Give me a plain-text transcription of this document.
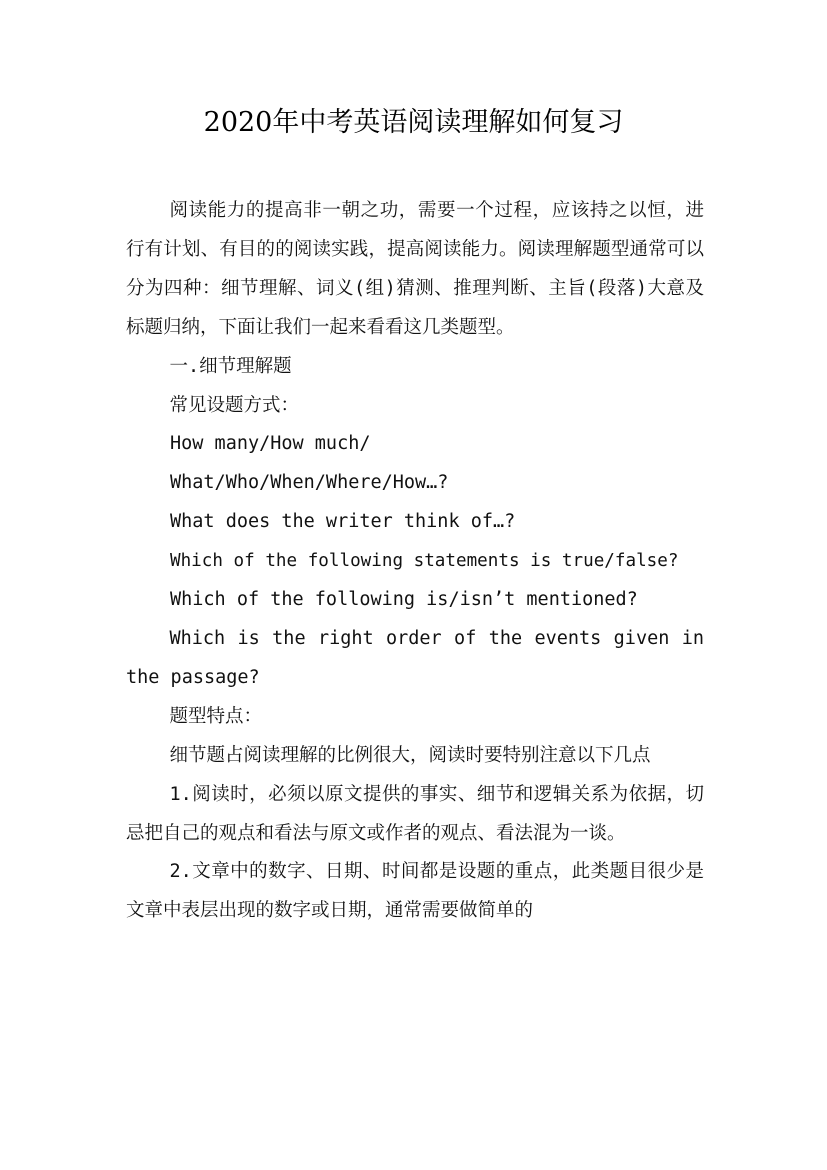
2020年中考英语阅读理解如何复习

阅读能力的提高非一朝之功，需要一个过程，应该持之以恒，进行有计划、有目的的阅读实践，提高阅读能力。阅读理解题型通常可以分为四种：细节理解、词义(组)猜测、推理判断、主旨(段落)大意及标题归纳，下面让我们一起来看看这几类题型。

一.细节理解题

常见设题方式：

How many/How much/

What/Who/When/Where/How…?

What does the writer think of…?

Which of the following statements is true/false?

Which of the following is/isn’t mentioned?

Which is the right order of the events given in the passage?

题型特点：

细节题占阅读理解的比例很大，阅读时要特别注意以下几点

1.阅读时，必须以原文提供的事实、细节和逻辑关系为依据，切忌把自己的观点和看法与原文或作者的观点、看法混为一谈。

2.文章中的数字、日期、时间都是设题的重点，此类题目很少是文章中表层出现的数字或日期，通常需要做简单的
